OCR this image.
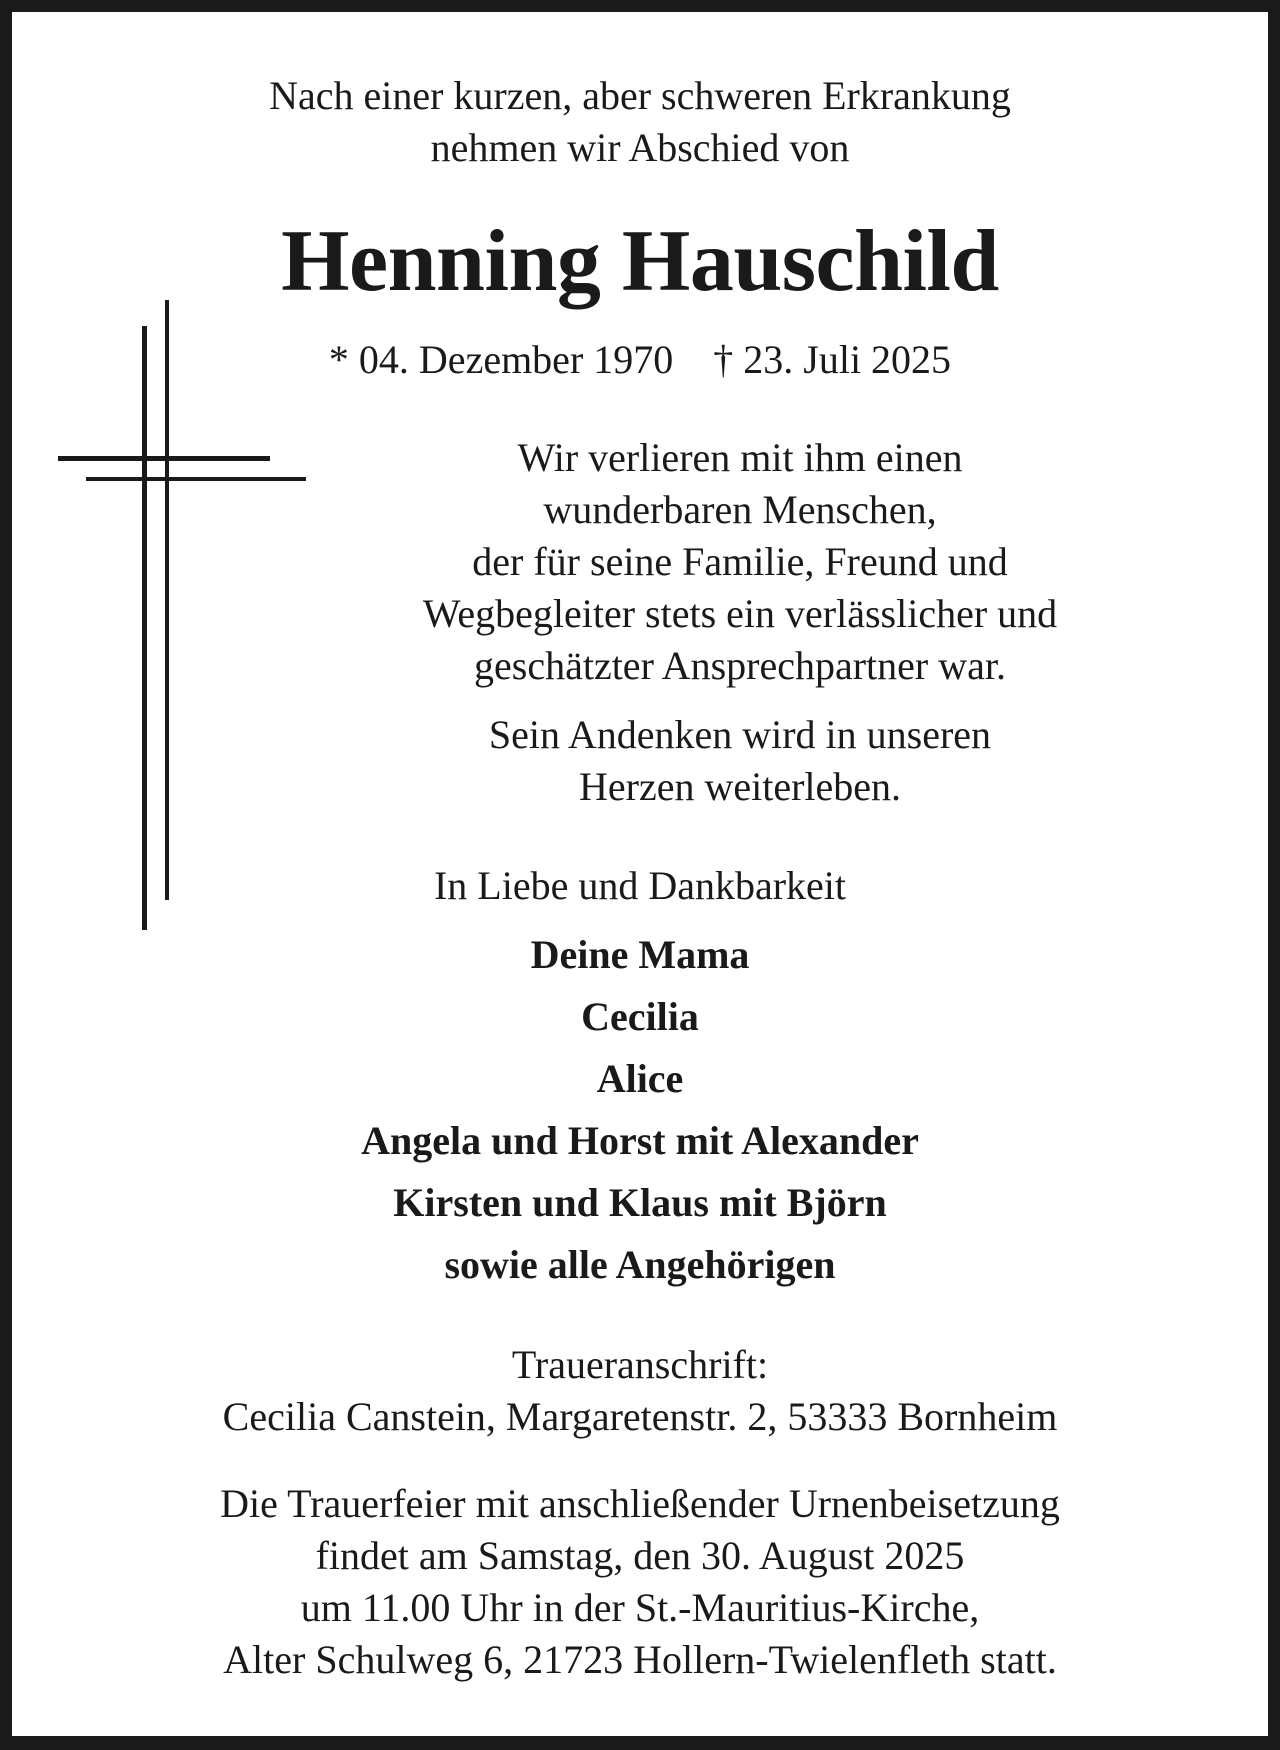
Nach einer kurzen, aber schweren Erkrankung
nehmen wir Abschied von
Henning Hauschild
* 04. Dezember 1970 † 23. Juli 2025
Wir verlieren mit ihm einen
wunderbaren Menschen,
der für seine Familie, Freund und
Wegbegleiter stets ein verlässlicher und
geschätzter Ansprechpartner war.
Sein Andenken wird in unseren
Herzen weiterleben.
In Liebe und Dankbarkeit
Deine Mama
Cecilia
Alice
Angela und Horst mit Alexander
Kirsten und Klaus mit Björn
sowie alle Angehörigen
Traueranschrift:
Cecilia Canstein, Margaretenstr. 2, 53333 Bornheim
Die Trauerfeier mit anschließender Urnenbeisetzung
findet am Samstag, den 30. August 2025
um 11.00 Uhr in der St.-Mauritius-Kirche,
Alter Schulweg 6, 21723 Hollern-Twielenfleth statt.
